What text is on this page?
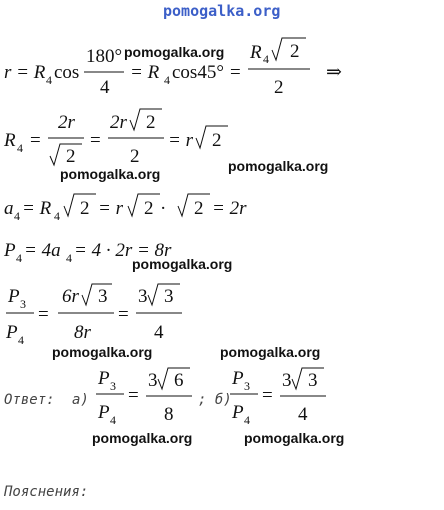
pomogalka.org
r = R 4 cos
180°
4
= R 4 cos45° =
R 4 2
2
⇒
R 4 =
2r
2
=
2r 2
2
= r 2
a 4 = R 4 2 = r 2 · 2 = 2r
P 4 = 4a 4 = 4 · 2r = 8r
P 3
P 4
=
6r 3
8r
=
3 3
4
P 3
P 4
=
3 6
8
P 3
P 4
=
3 3
4
Ответ: а)	; б)
Пояснения:
pomogalka.org
pomogalka.org
pomogalka.org
pomogalka.org
pomogalka.org	pomogalka.org
pomogalka.org	pomogalka.org
